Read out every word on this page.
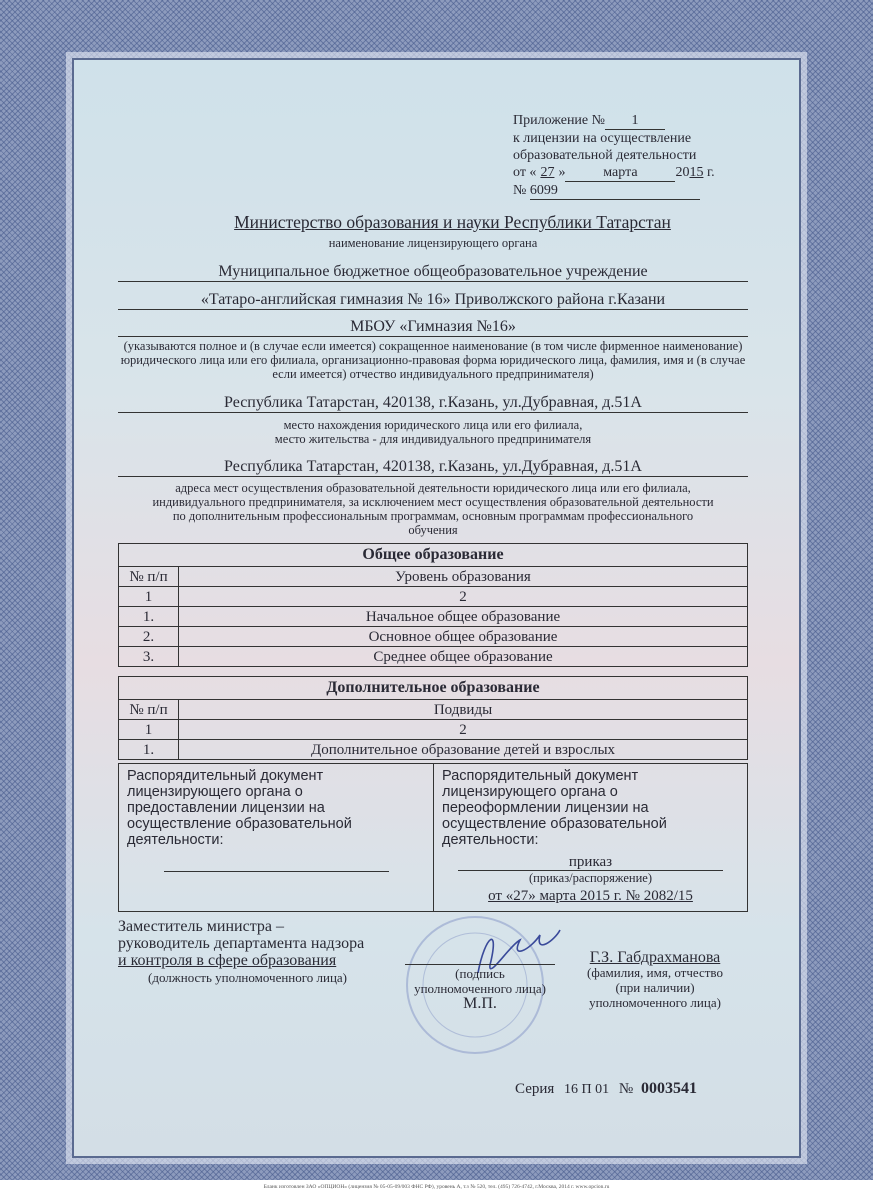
Приложение № 1
к лицензии на осуществление
образовательной деятельности
от « 27 »	марта	2015 г.
№ 6099
Министерство образования и науки Республики Татарстан
наименование лицензирующего органа
Муниципальное бюджетное общеобразовательное учреждение
«Татаро-английская гимназия № 16» Приволжского района г.Казани
МБОУ «Гимназия №16»
(указываются полное и (в случае если имеется) сокращенное наименование (в том числе фирменное наименование) юридического лица или его филиала, организационно-правовая форма юридического лица, фамилия, имя и (в случае если имеется) отчество индивидуального предпринимателя)
Республика Татарстан, 420138, г.Казань, ул.Дубравная, д.51А
место нахождения юридического лица или его филиала,
место жительства - для индивидуального предпринимателя
Республика Татарстан, 420138, г.Казань, ул.Дубравная, д.51А
адреса мест осуществления образовательной деятельности юридического лица или его филиала, индивидуального предпринимателя, за исключением мест осуществления образовательной деятельности по дополнительным профессиональным программам, основным программам профессионального обучения
Общее образование	
№ п/п	Уровень образования
1	2
1.	Начальное общее образование
2.	Основное общее образование
3.	Среднее общее образование
Дополнительное образование	
№ п/п	Подвиды
1	2
1.	Дополнительное образование детей и взрослых
Распорядительный документ лицензирующего органа о предоставлении лицензии на осуществление образовательной деятельности:
Распорядительный документ лицензирующего органа о переоформлении лицензии на осуществление образовательной деятельности:
приказ
(приказ/распоряжение)
от «27» марта 2015 г. № 2082/15
Заместитель министра –
руководитель департамента надзора
и контроля в сфере образования
(должность уполномоченного лица)	(подпись
уполномоченного лица)
М.П.
Г.З. Габдрахманова
(фамилия, имя, отчество
(при наличии)
уполномоченного лица)
Серия 16 П 01 № 0003541
Бланк изготовлен ЗАО «ОПЦИОН» (лицензия № 05-05-09/003 ФНС РФ), уровень А, т.з № 520, тел. (495) 726-4742, г.Москва, 2014 г. www.opcion.ru
